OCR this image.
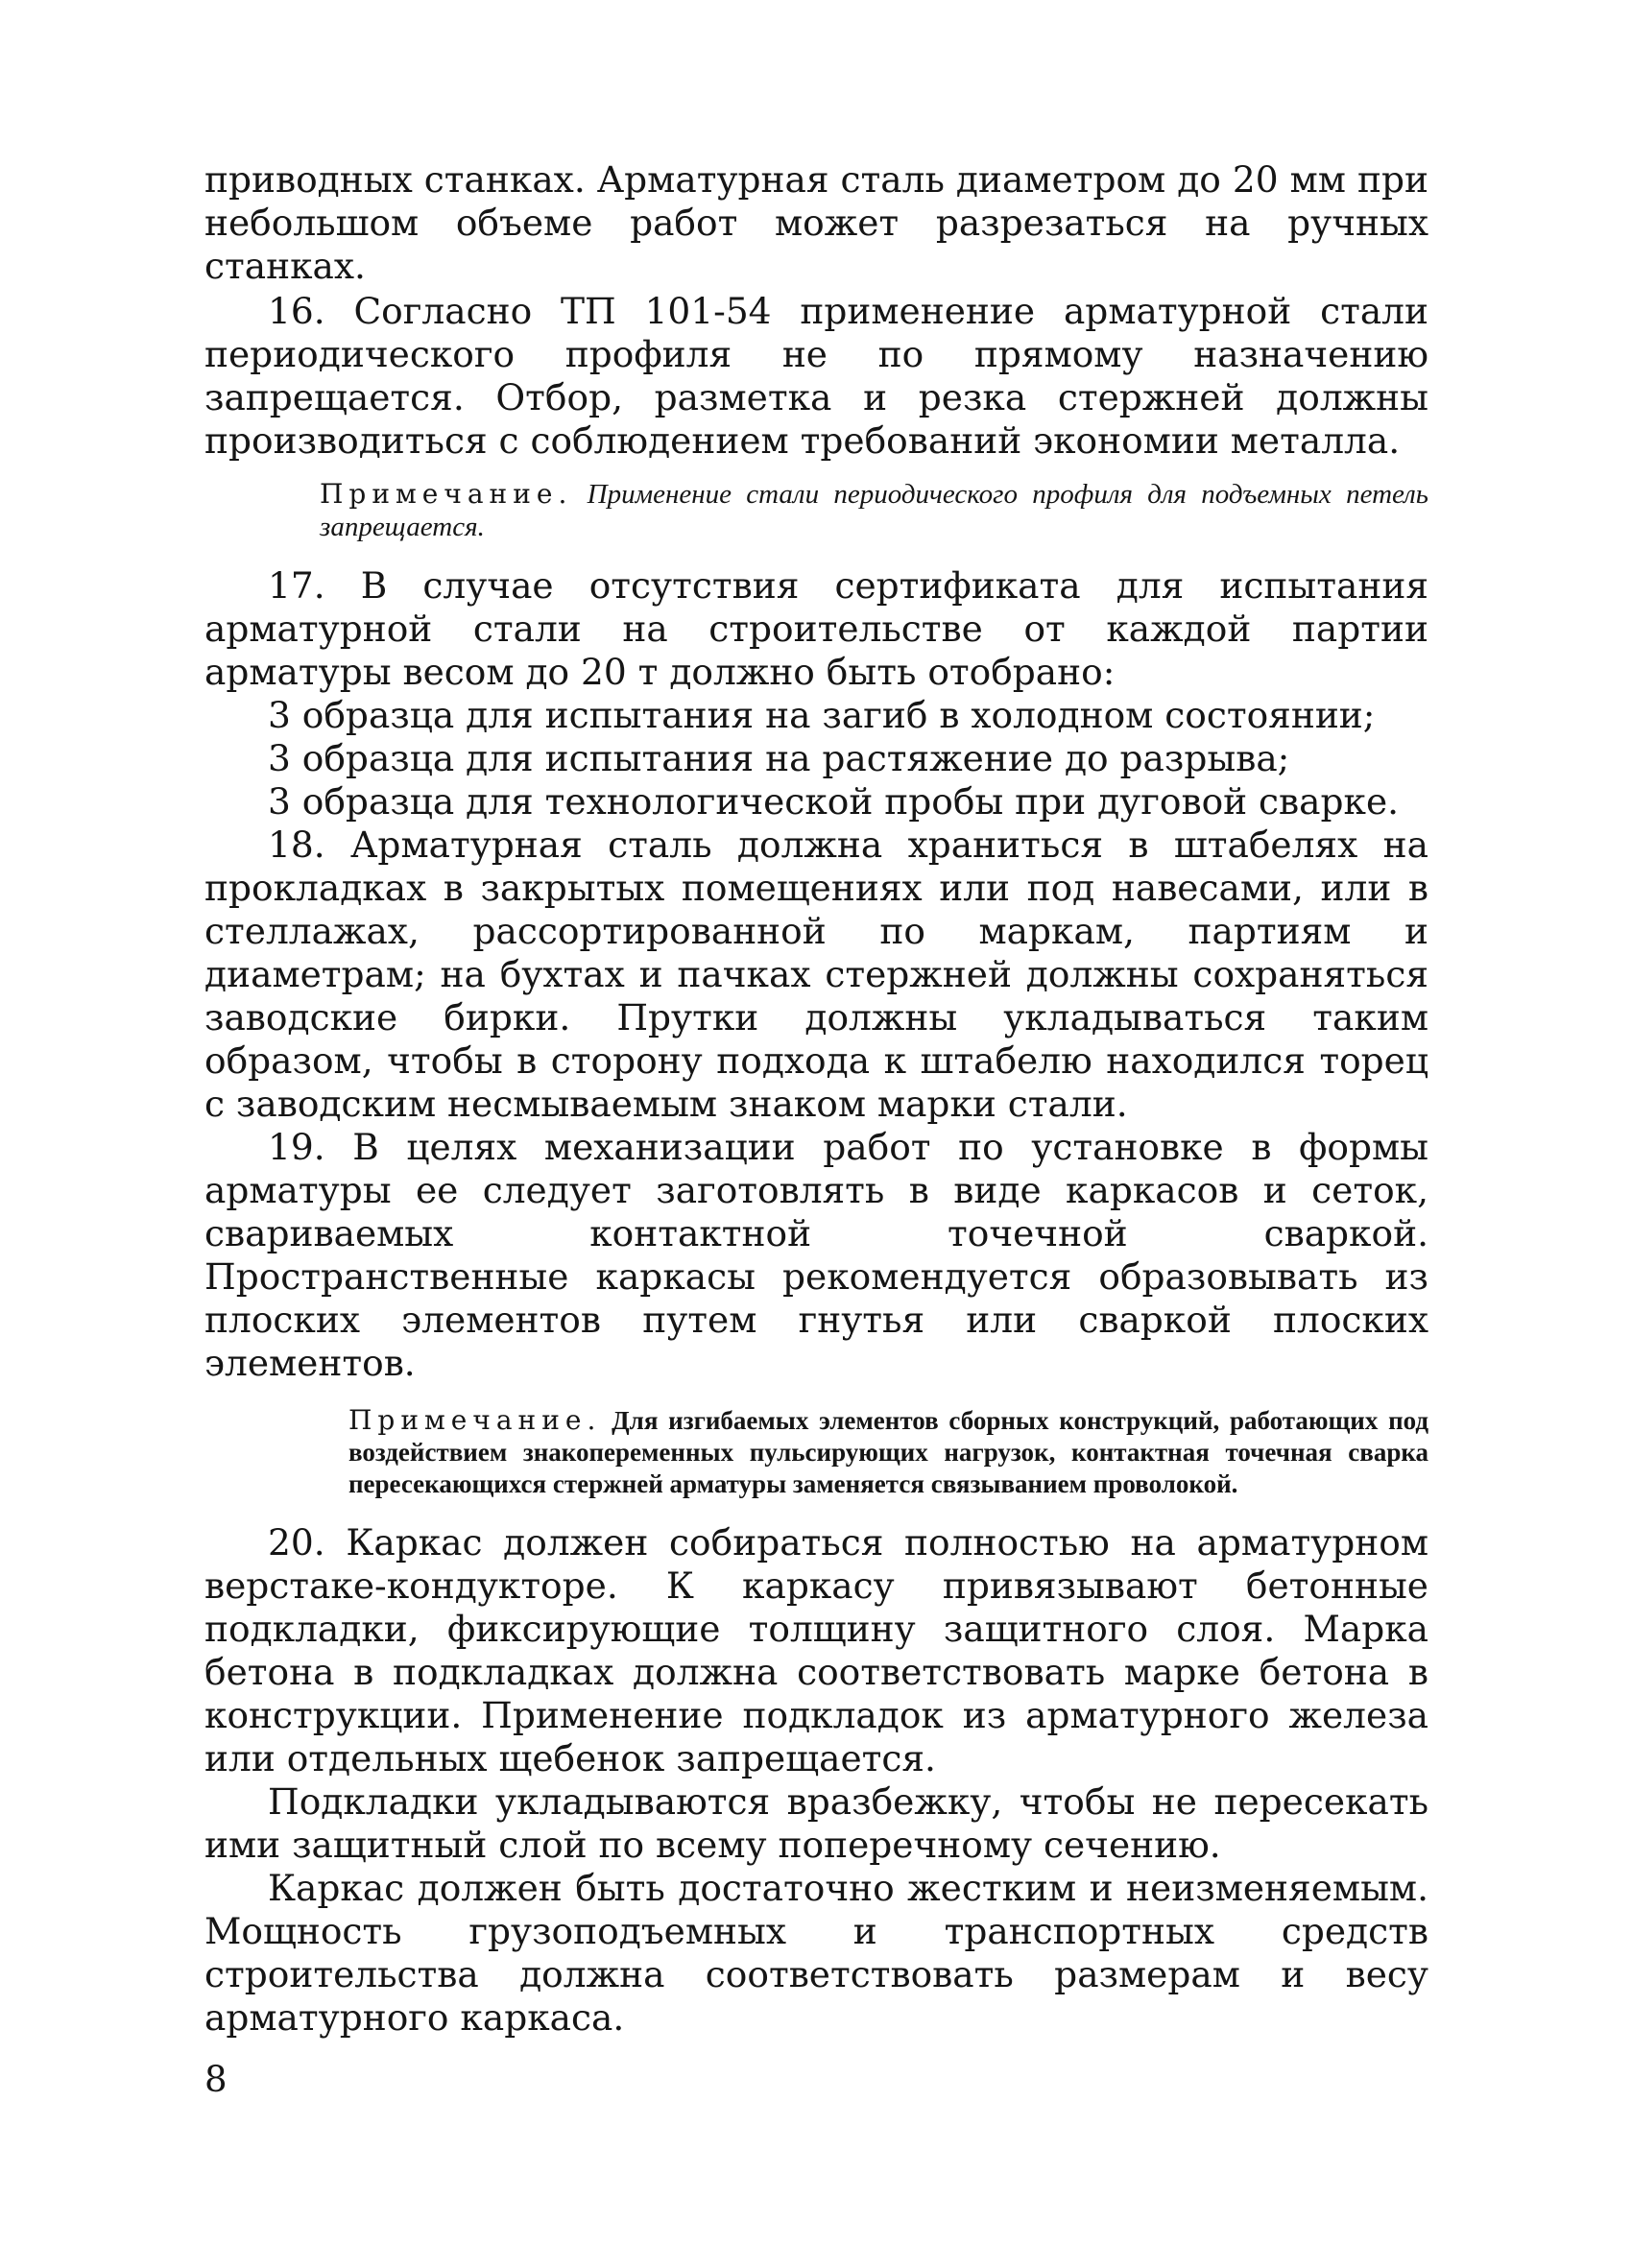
приводных станках. Арматурная сталь диаметром до 20 мм при небольшом объеме работ может разрезаться на ручных станках.

16. Согласно ТП 101-54 применение арматурной стали периодического профиля не по прямому назначению запрещается. Отбор, разметка и резка стержней должны производиться с соблюдением требований экономии металла.

Примечание. Применение стали периодического профиля для подъемных петель запрещается.

17. В случае отсутствия сертификата для испытания арматурной стали на строительстве от каждой партии арматуры весом до 20 т должно быть отобрано:

3 образца для испытания на загиб в холодном состоянии;

3 образца для испытания на растяжение до разрыва;

3 образца для технологической пробы при дуговой сварке.

18. Арматурная сталь должна храниться в штабелях на прокладках в закрытых помещениях или под навесами, или в стеллажах, рассортированной по маркам, партиям и диаметрам; на бухтах и пачках стержней должны сохраняться заводские бирки. Прутки должны укладываться таким образом, чтобы в сторону подхода к штабелю находился торец с заводским несмываемым знаком марки стали.

19. В целях механизации работ по установке в формы арматуры ее следует заготовлять в виде каркасов и сеток, свариваемых контактной точечной сваркой. Пространственные каркасы рекомендуется образовывать из плоских элементов путем гнутья или сваркой плоских элементов.

Примечание. Для изгибаемых элементов сборных конструкций, работающих под воздействием знакопеременных пульсирующих нагрузок, контактная точечная сварка пересекающихся стержней арматуры заменяется связыванием проволокой.

20. Каркас должен собираться полностью на арматурном верстаке-кондукторе. К каркасу привязывают бетонные подкладки, фиксирующие толщину защитного слоя. Марка бетона в подкладках должна соответствовать марке бетона в конструкции. Применение подкладок из арматурного железа или отдельных щебенок запрещается.

Подкладки укладываются вразбежку, чтобы не пересекать ими защитный слой по всему поперечному сечению.

Каркас должен быть достаточно жестким и неизменяемым. Мощность грузоподъемных и транспортных средств строительства должна соответствовать размерам и весу арматурного каркаса.

8
